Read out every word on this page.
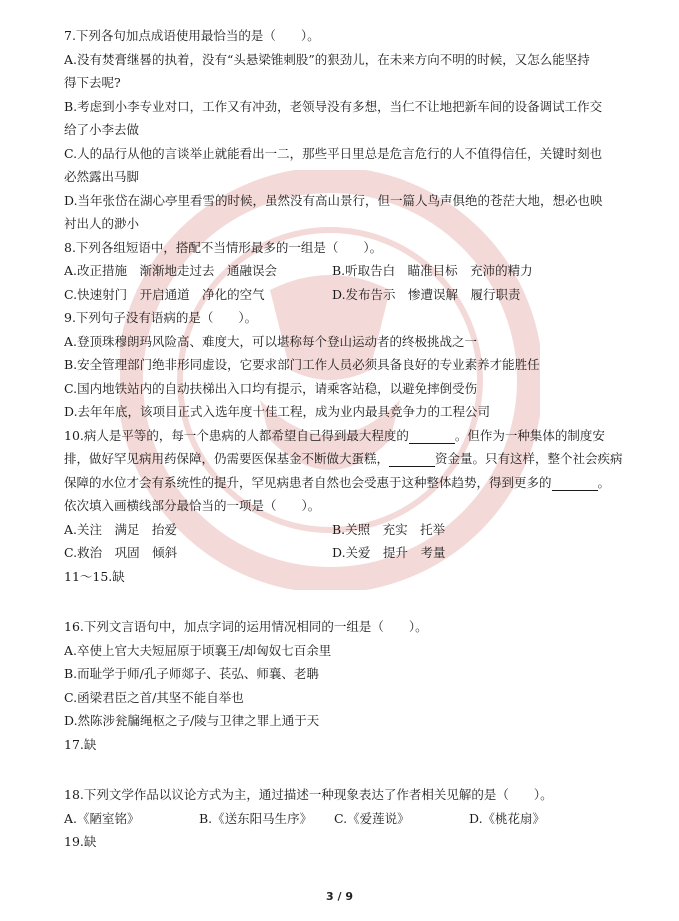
7.下列各句加点成语使用最恰当的是（　　）。
A.没有焚膏继晷的执着，没有“头悬梁锥刺股”的狠劲儿，在未来方向不明的时候，又怎么能坚持
得下去呢?
B.考虑到小李专业对口，工作又有冲劲，老领导没有多想，当仁不让地把新车间的设备调试工作交
给了小李去做
C.人的品行从他的言谈举止就能看出一二，那些平日里总是危言危行的人不值得信任，关键时刻也
必然露出马脚
D.当年张岱在湖心亭里看雪的时候，虽然没有高山景行，但一篇人鸟声俱绝的苍茫大地，想必也映
衬出人的渺小
8.下列各组短语中，搭配不当情形最多的一组是（　　）。
A.改正措施　渐渐地走过去　通融误会	B.听取告白　瞄准目标　充沛的精力
C.快速射门　开启通道　净化的空气	D.发布告示　惨遭误解　履行职责
9.下列句子没有语病的是（　　）。
A.登顶珠穆朗玛风险高、难度大，可以堪称每个登山运动者的终极挑战之一
B.安全管理部门绝非形同虚设，它要求部门工作人员必须具备良好的专业素养才能胜任
C.国内地铁站内的自动扶梯出入口均有提示，请乘客站稳，以避免摔倒受伤
D.去年年底，该项目正式入选年度十佳工程，成为业内最具竞争力的工程公司
10.病人是平等的，每一个患病的人都希望自己得到最大程度的	。但作为一种集体的制度安
排，做好罕见病用药保障，仍需要医保基金不断做大蛋糕，	资金量。只有这样，整个社会疾病
保障的水位才会有系统性的提升，罕见病患者自然也会受惠于这种整体趋势，得到更多的	。
依次填入画横线部分最恰当的一项是（　　）。
A.关注　满足　抬爱	B.关照　充实　托举
C.救治　巩固　倾斜	D.关爱　提升　考量
11～15.缺
16.下列文言语句中，加点字词的运用情况相同的一组是（　　）。
A.卒使上官大夫短屈原于顷襄王/却匈奴七百余里
B.而耻学于师/孔子师郯子、苌弘、师襄、老聃
C.函梁君臣之首/其坚不能自举也
D.然陈涉瓮牖绳枢之子/陵与卫律之罪上通于天
17.缺
18.下列文学作品以议论方式为主，通过描述一种现象表达了作者相关见解的是（　　）。
A.《陋室铭》	B.《送东阳马生序》	C.《爱莲说》	D.《桃花扇》
19.缺
3 / 9
